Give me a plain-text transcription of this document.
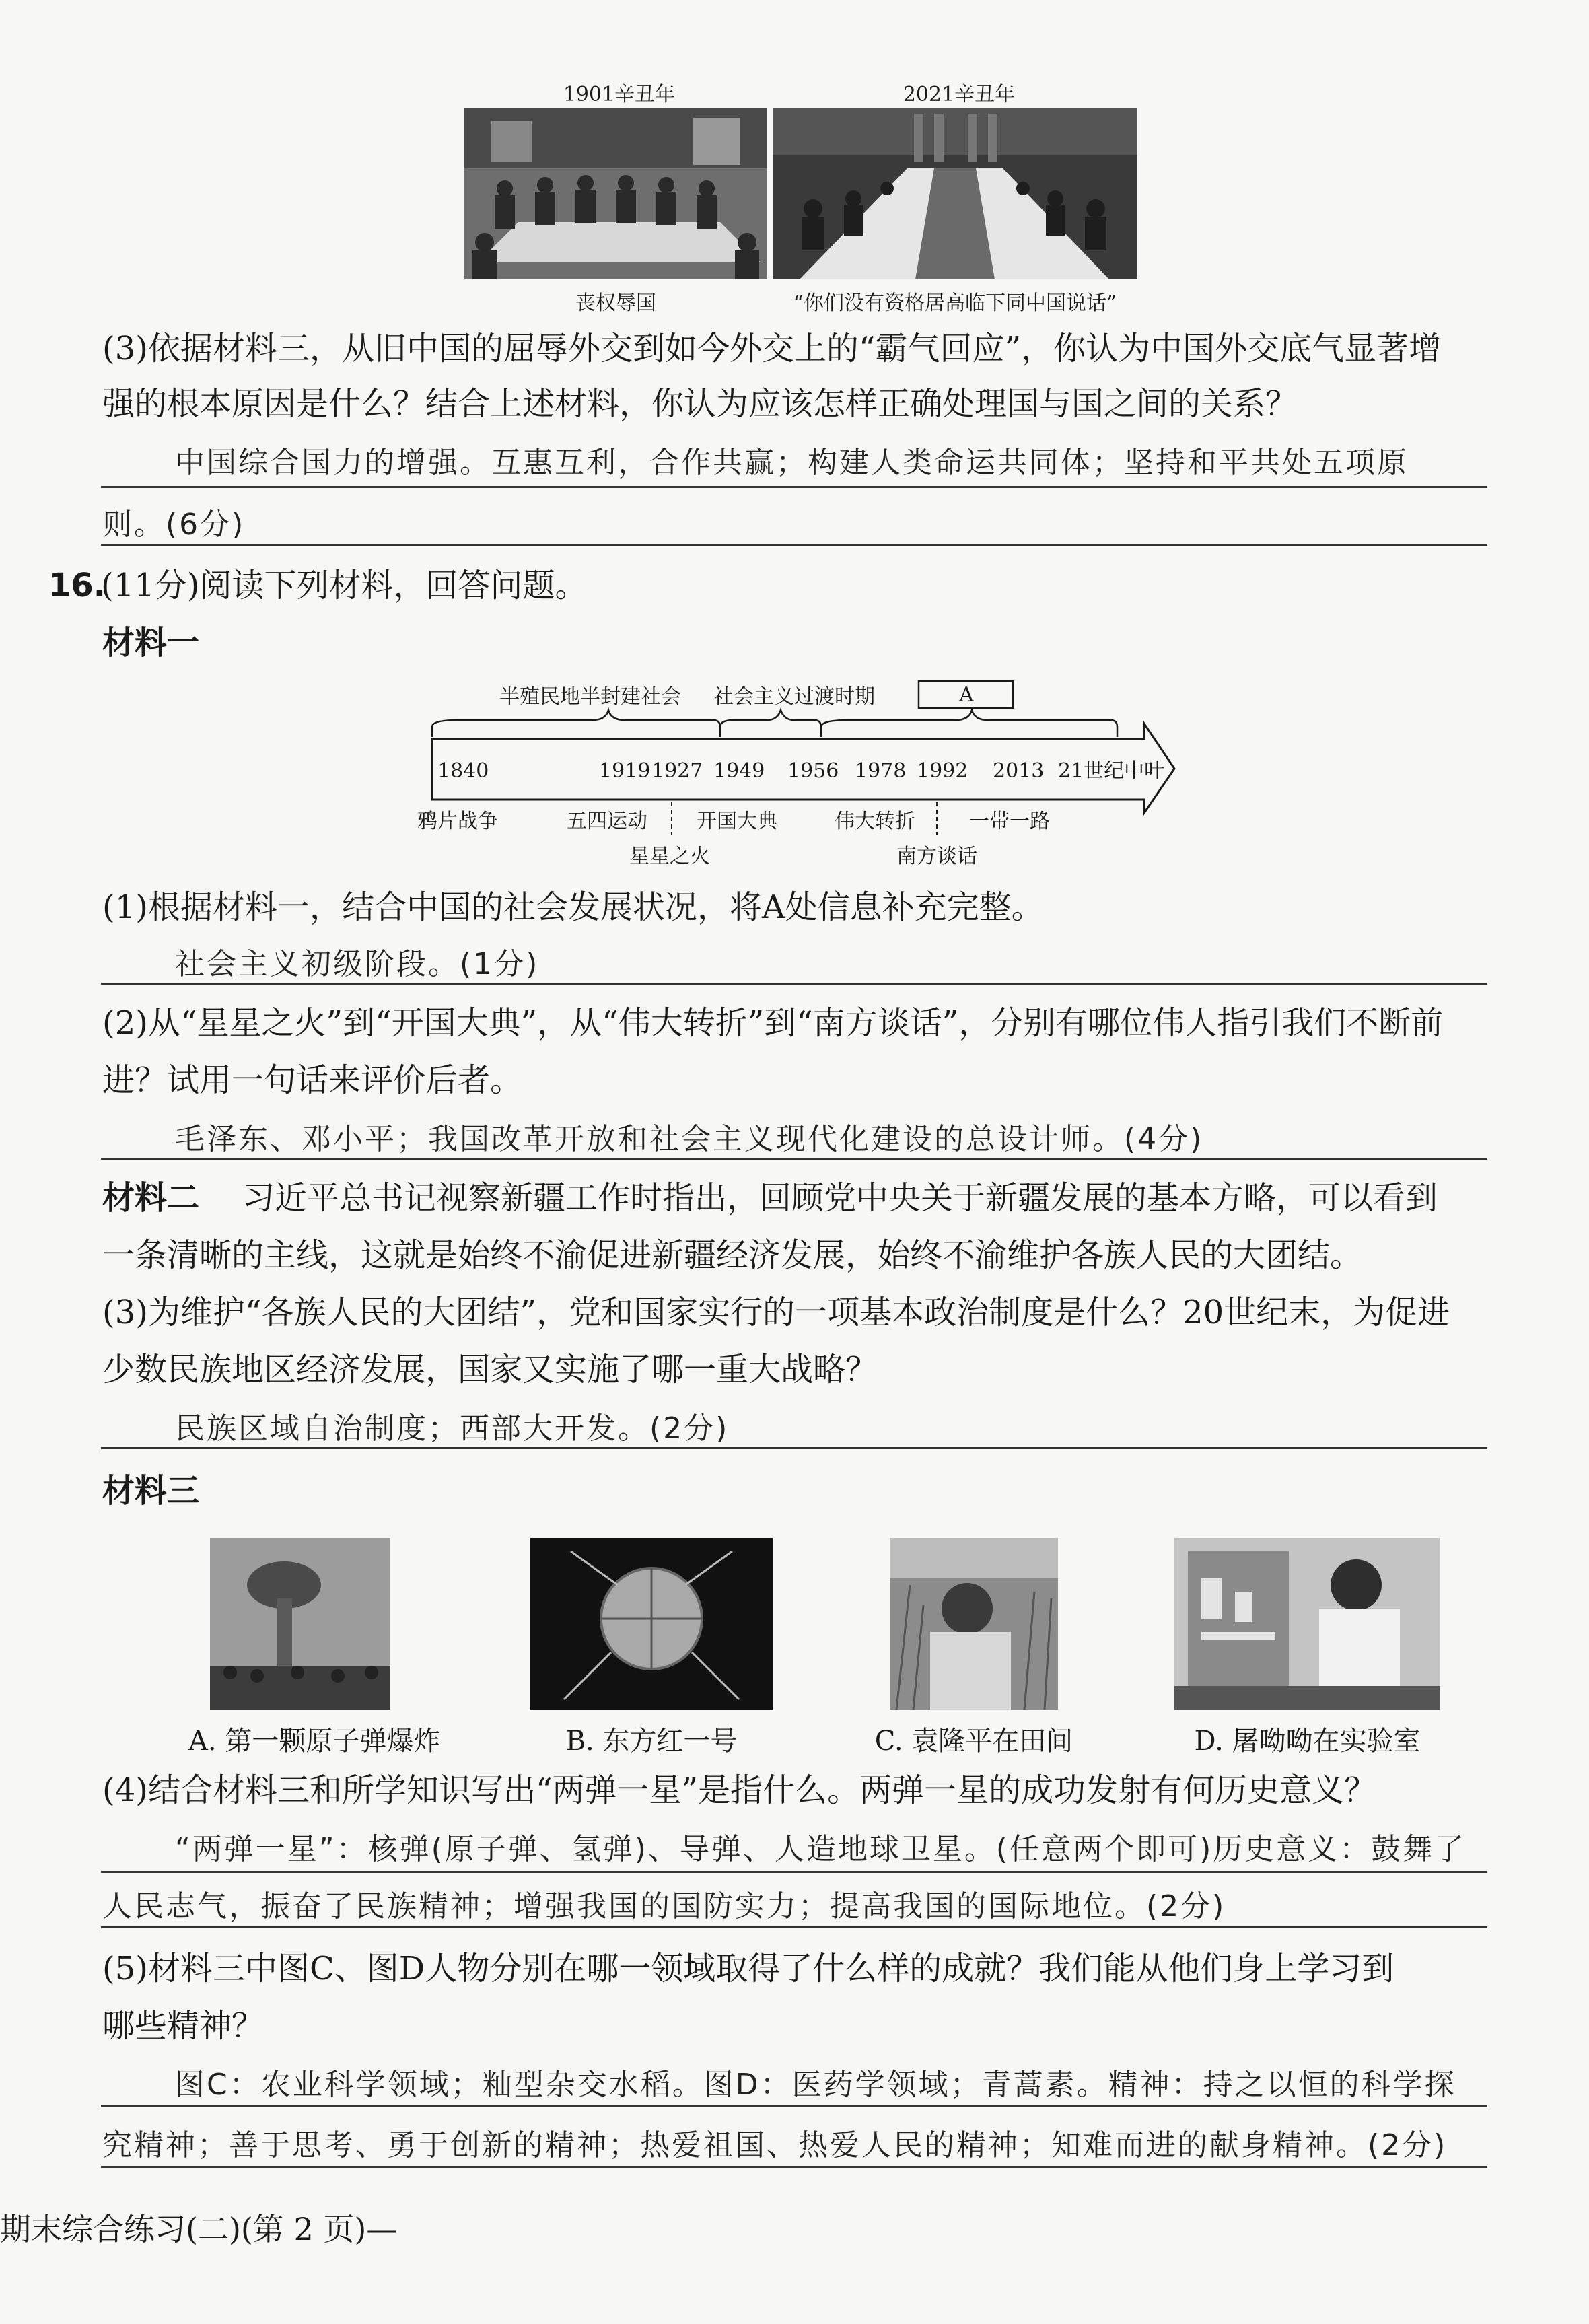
1901辛丑年	2021辛丑年
丧权辱国	“你们没有资格居高临下同中国说话”
(3)依据材料三，从旧中国的屈辱外交到如今外交上的“霸气回应”，你认为中国外交底气显著增
强的根本原因是什么？结合上述材料，你认为应该怎样正确处理国与国之间的关系？
中国综合国力的增强。互惠互利，合作共赢；构建人类命运共同体；坚持和平共处五项原
则。(6分)
16.
(11分)阅读下列材料，回答问题。
材料一
半殖民地半封建社会 社会主义过渡时期	A
1840	1919 1927 1949 1956 1978 1992 2013 21世纪中叶
鸦片战争	五四运动 开国大典	伟大转折	一带一路
星星之火	南方谈话
(1)根据材料一，结合中国的社会发展状况，将A处信息补充完整。
社会主义初级阶段。(1分)
(2)从“星星之火”到“开国大典”，从“伟大转折”到“南方谈话”，分别有哪位伟人指引我们不断前
进？试用一句话来评价后者。
毛泽东、邓小平；我国改革开放和社会主义现代化建设的总设计师。(4分)
材料二 习近平总书记视察新疆工作时指出，回顾党中央关于新疆发展的基本方略，可以看到
一条清晰的主线，这就是始终不渝促进新疆经济发展，始终不渝维护各族人民的大团结。
(3)为维护“各族人民的大团结”，党和国家实行的一项基本政治制度是什么？20世纪末，为促进
少数民族地区经济发展，国家又实施了哪一重大战略？
民族区域自治制度；西部大开发。(2分)
材料三
A. 第一颗原子弹爆炸	B. 东方红一号	C. 袁隆平在田间	D. 屠呦呦在实验室
(4)结合材料三和所学知识写出“两弹一星”是指什么。两弹一星的成功发射有何历史意义？
“两弹一星”：核弹(原子弹、氢弹)、导弹、人造地球卫星。(任意两个即可)历史意义：鼓舞了
人民志气，振奋了民族精神；增强我国的国防实力；提高我国的国际地位。(2分)
(5)材料三中图C、图D人物分别在哪一领域取得了什么样的成就？我们能从他们身上学习到
哪些精神？
图C：农业科学领域；籼型杂交水稻。图D：医药学领域；青蒿素。精神：持之以恒的科学探
究精神；善于思考、勇于创新的精神；热爱祖国、热爱人民的精神；知难而进的献身精神。(2分)
期末综合练习(二)(第 2 页)—
